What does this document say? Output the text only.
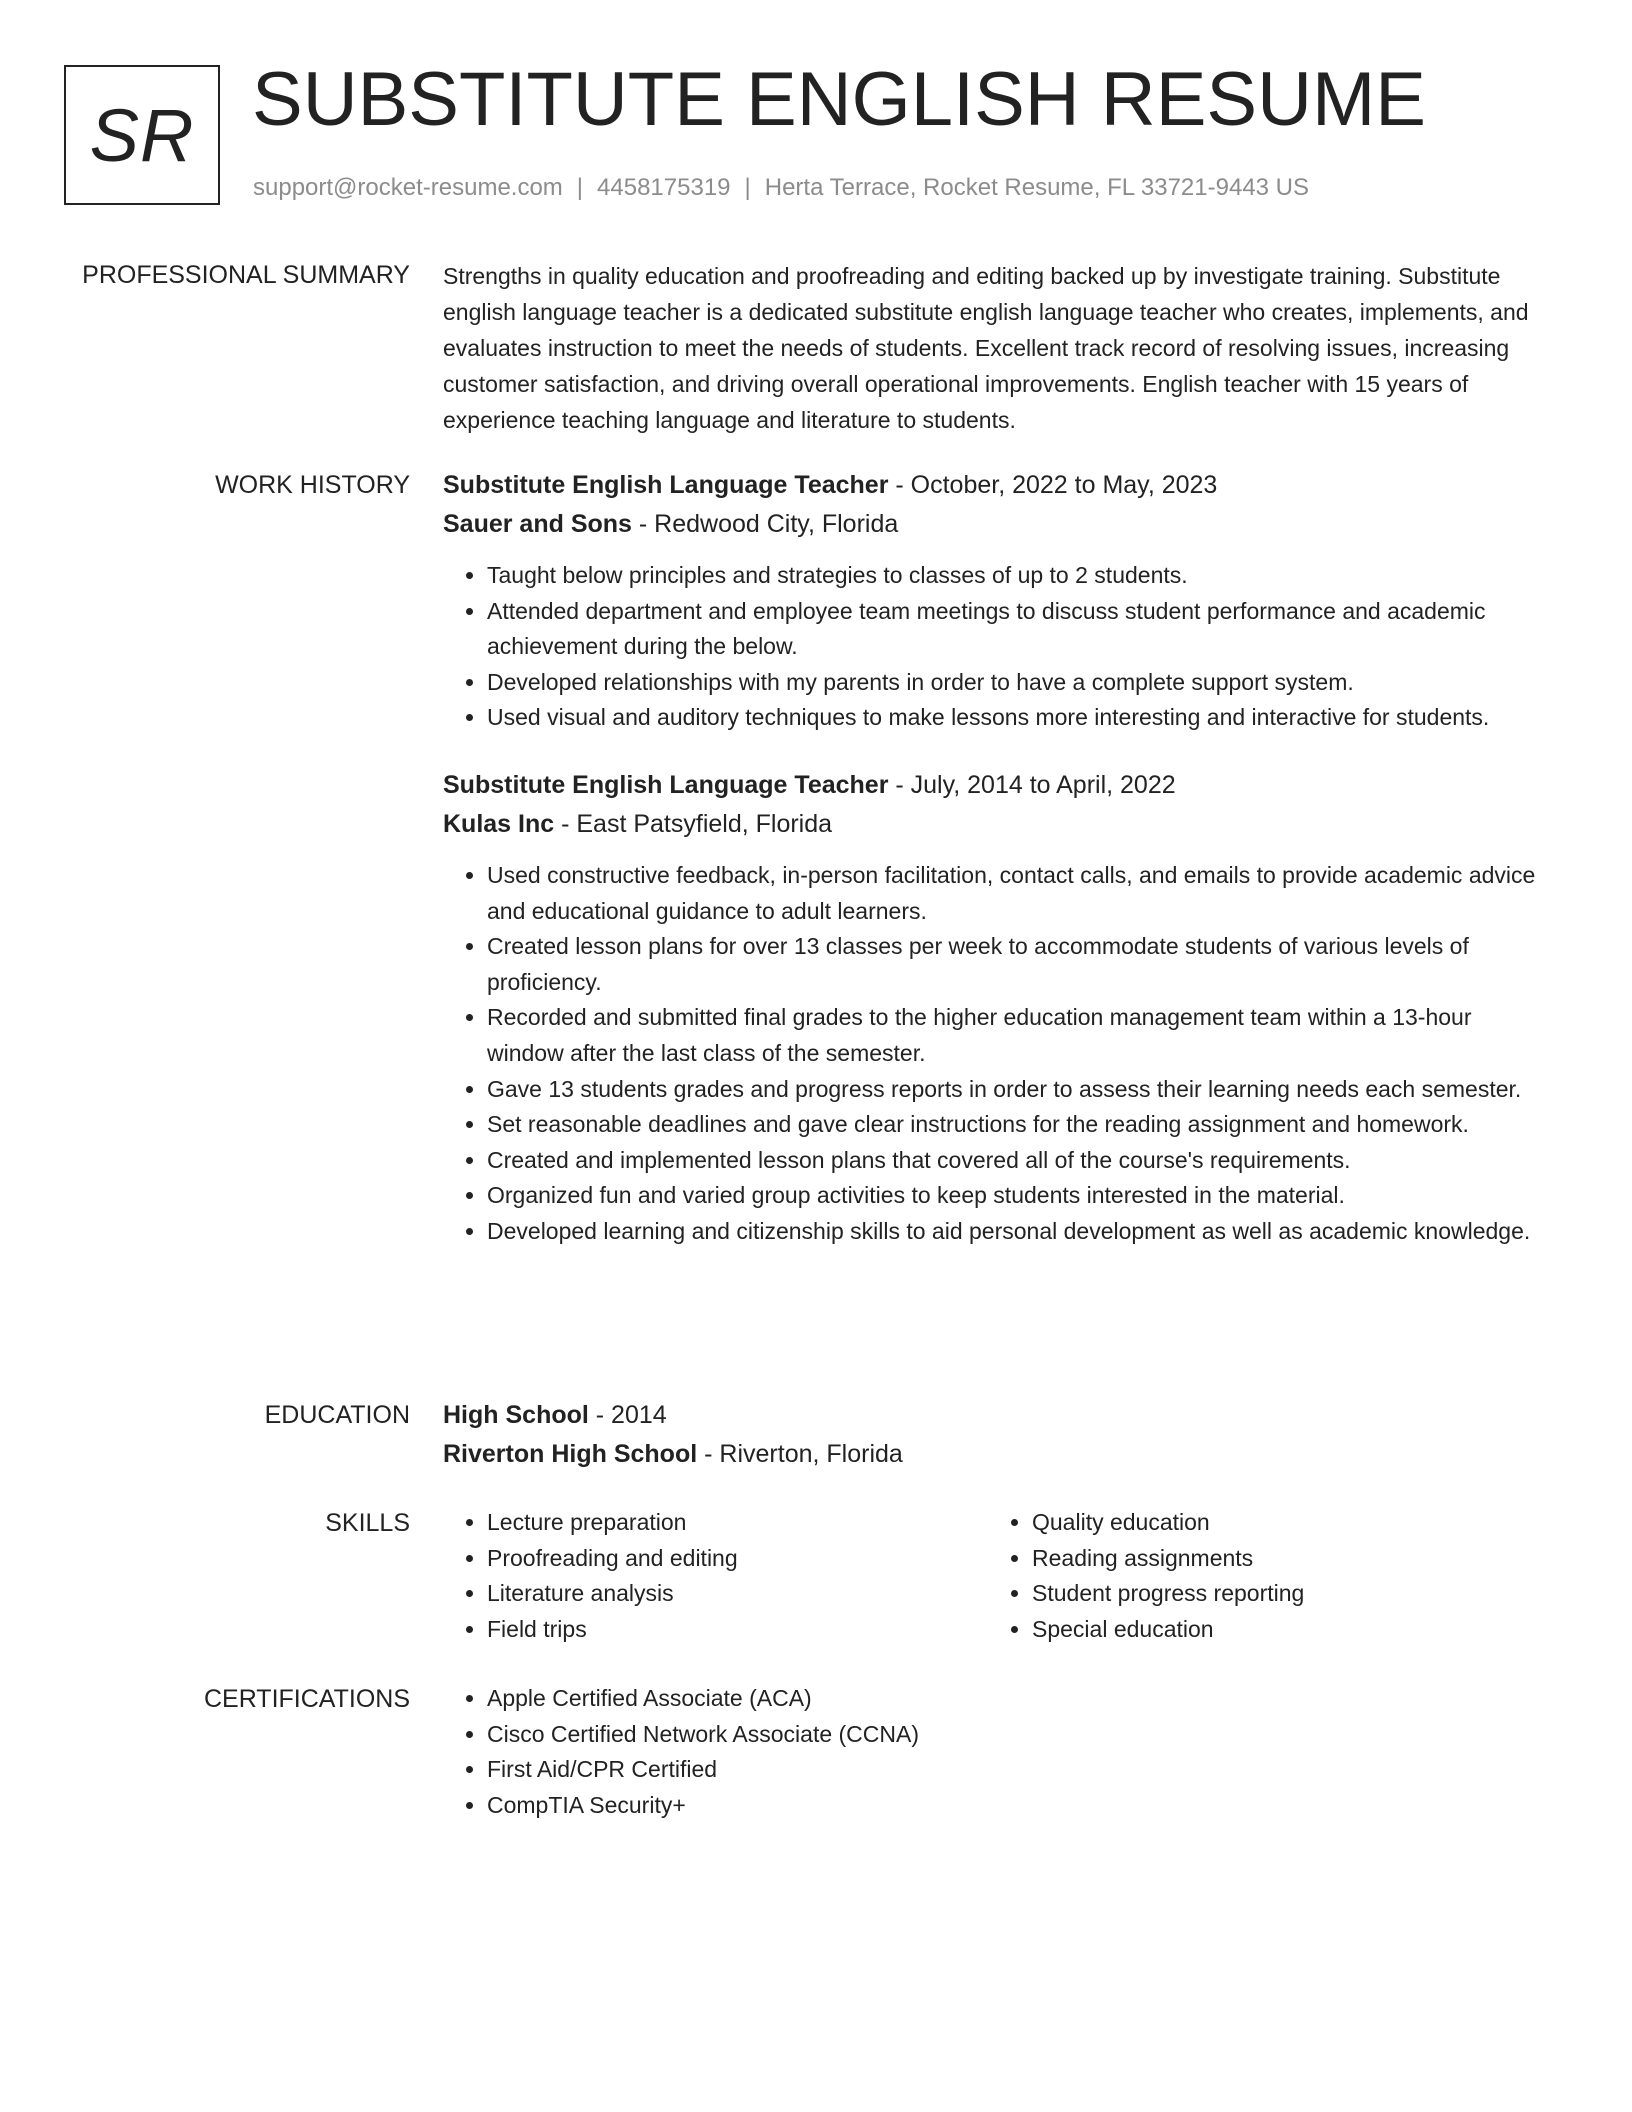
SR SUBSTITUTE ENGLISH RESUME
support@rocket-resume.com | 4458175319 | Herta Terrace, Rocket Resume, FL 33721-9443 US
PROFESSIONAL SUMMARY Strengths in quality education and proofreading and editing backed up by investigate training. Substitute english language teacher is a dedicated substitute english language teacher who creates, implements, and evaluates instruction to meet the needs of students. Excellent track record of resolving issues, increasing customer satisfaction, and driving overall operational improvements. English teacher with 15 years of experience teaching language and literature to students.

WORK HISTORY Substitute English Language Teacher - October, 2022 to May, 2023
Sauer and Sons - Redwood City, Florida
• Taught below principles and strategies to classes of up to 2 students.
• Attended department and employee team meetings to discuss student performance and academic achievement during the below.
• Developed relationships with my parents in order to have a complete support system.
• Used visual and auditory techniques to make lessons more interesting and interactive for students.
Substitute English Language Teacher - July, 2014 to April, 2022
Kulas Inc - East Patsyfield, Florida
• Used constructive feedback, in-person facilitation, contact calls, and emails to provide academic advice and educational guidance to adult learners.
• Created lesson plans for over 13 classes per week to accommodate students of various levels of proficiency.
• Recorded and submitted final grades to the higher education management team within a 13-hour window after the last class of the semester.
• Gave 13 students grades and progress reports in order to assess their learning needs each semester.
• Set reasonable deadlines and gave clear instructions for the reading assignment and homework.
• Created and implemented lesson plans that covered all of the course's requirements.
• Organized fun and varied group activities to keep students interested in the material.
• Developed learning and citizenship skills to aid personal development as well as academic knowledge.
EDUCATION High School - 2014
Riverton High School - Riverton, Florida
SKILLS	• Lecture preparation
• Proofreading and editing
• Literature analysis
• Field trips
• Quality education
• Reading assignments
• Student progress reporting
• Special education
CERTIFICATIONS	• Apple Certified Associate (ACA)
• Cisco Certified Network Associate (CCNA)
• First Aid/CPR Certified
• CompTIA Security+
